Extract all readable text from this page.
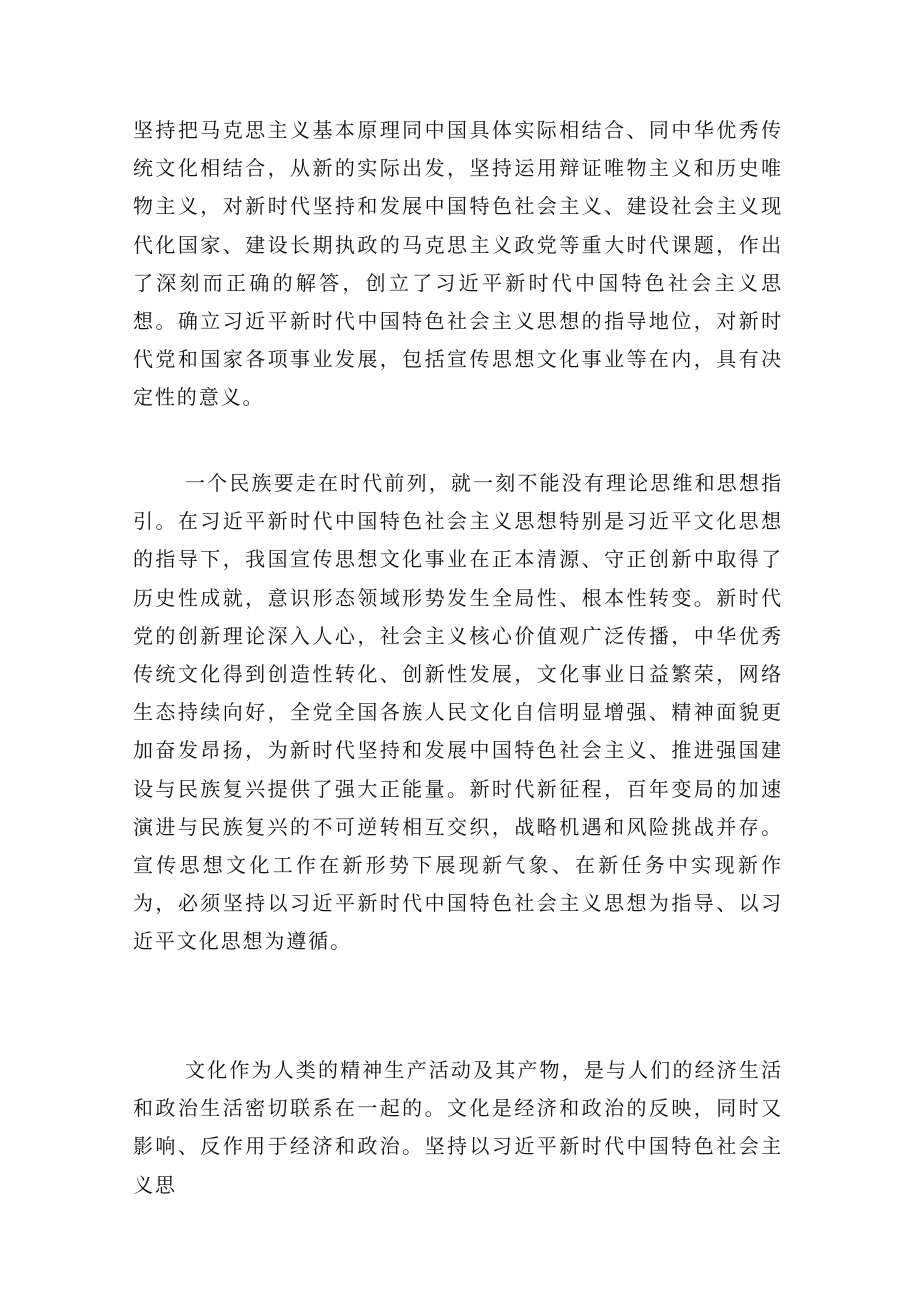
坚持把马克思主义基本原理同中国具体实际相结合、同中华优秀传统文化相结合，从新的实际出发，坚持运用辩证唯物主义和历史唯物主义，对新时代坚持和发展中国特色社会主义、建设社会主义现代化国家、建设长期执政的马克思主义政党等重大时代课题，作出了深刻而正确的解答，创立了习近平新时代中国特色社会主义思想。确立习近平新时代中国特色社会主义思想的指导地位，对新时代党和国家各项事业发展，包括宣传思想文化事业等在内，具有决定性的意义。

一个民族要走在时代前列，就一刻不能没有理论思维和思想指引。在习近平新时代中国特色社会主义思想特别是习近平文化思想的指导下，我国宣传思想文化事业在正本清源、守正创新中取得了历史性成就，意识形态领域形势发生全局性、根本性转变。新时代党的创新理论深入人心，社会主义核心价值观广泛传播，中华优秀传统文化得到创造性转化、创新性发展，文化事业日益繁荣，网络生态持续向好，全党全国各族人民文化自信明显增强、精神面貌更加奋发昂扬，为新时代坚持和发展中国特色社会主义、推进强国建设与民族复兴提供了强大正能量。新时代新征程，百年变局的加速演进与民族复兴的不可逆转相互交织，战略机遇和风险挑战并存。宣传思想文化工作在新形势下展现新气象、在新任务中实现新作为，必须坚持以习近平新时代中国特色社会主义思想为指导、以习近平文化思想为遵循。

文化作为人类的精神生产活动及其产物，是与人们的经济生活和政治生活密切联系在一起的。文化是经济和政治的反映，同时又影响、反作用于经济和政治。坚持以习近平新时代中国特色社会主义思
